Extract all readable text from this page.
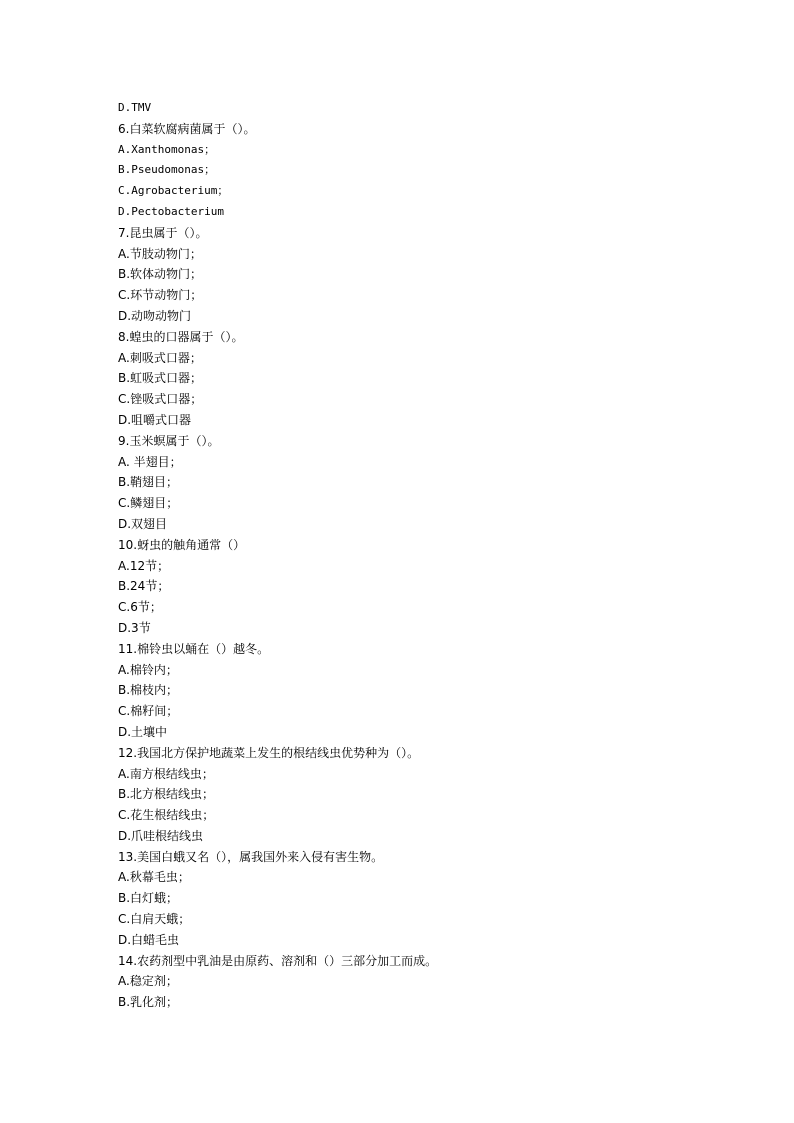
D.TMV
6.白菜软腐病菌属于（）。
A.Xanthomonas；
B.Pseudomonas；
C.Agrobacterium；
D.Pectobacterium
7.昆虫属于（）。
A.节肢动物门；
B.软体动物门；
C.环节动物门；
D.动吻动物门
8.蝗虫的口器属于（）。
A.刺吸式口器；
B.虹吸式口器；
C.锉吸式口器；
D.咀嚼式口器
9.玉米螟属于（）。
A. 半翅目；
B.鞘翅目；
C.鳞翅目；
D.双翅目
10.蚜虫的触角通常（）
A.12节；
B.24节；
C.6节；
D.3节
11.棉铃虫以蛹在（）越冬。
A.棉铃内；
B.棉枝内；
C.棉籽间；
D.土壤中
12.我国北方保护地蔬菜上发生的根结线虫优势种为（）。
A.南方根结线虫；
B.北方根结线虫；
C.花生根结线虫；
D.爪哇根结线虫
13.美国白蛾又名（），属我国外来入侵有害生物。
A.秋幕毛虫；
B.白灯蛾；
C.白肩天蛾；
D.白蜡毛虫
14.农药剂型中乳油是由原药、溶剂和（）三部分加工而成。
A.稳定剂；
B.乳化剂；
